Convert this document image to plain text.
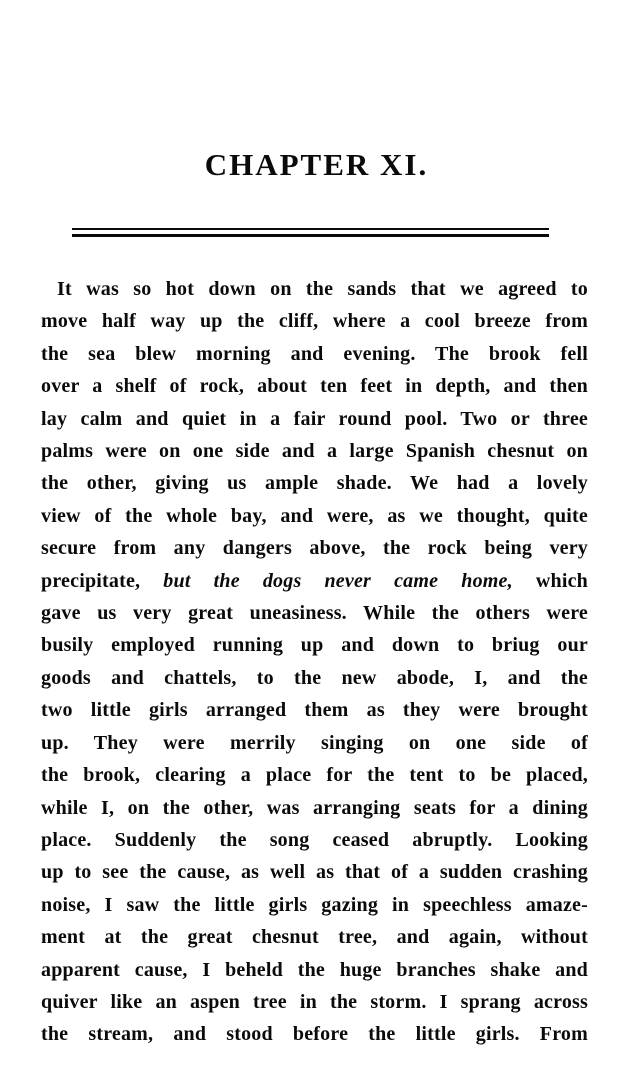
CHAPTER XI.
It was so hot down on the sands that we agreed to
move half way up the cliff, where a cool breeze from
the sea blew morning and evening. The brook fell
over a shelf of rock, about ten feet in depth, and then
lay calm and quiet in a fair round pool. Two or three
palms were on one side and a large Spanish chesnut on
the other, giving us ample shade. We had a lovely
view of the whole bay, and were, as we thought, quite
secure from any dangers above, the rock being very
precipitate, but the dogs never came home, which
gave us very great uneasiness. While the others were
busily employed running up and down to briug our
goods and chattels, to the new abode, I, and the
two little girls arranged them as they were brought
up. They were merrily singing on one side of
the brook, clearing a place for the tent to be placed,
while I, on the other, was arranging seats for a dining
place. Suddenly the song ceased abruptly. Looking
up to see the cause, as well as that of a sudden crashing
noise, I saw the little girls gazing in speechless amaze-
ment at the great chesnut tree, and again, without
apparent cause, I beheld the huge branches shake and
quiver like an aspen tree in the storm. I sprang across
the stream, and stood before the little girls. From
